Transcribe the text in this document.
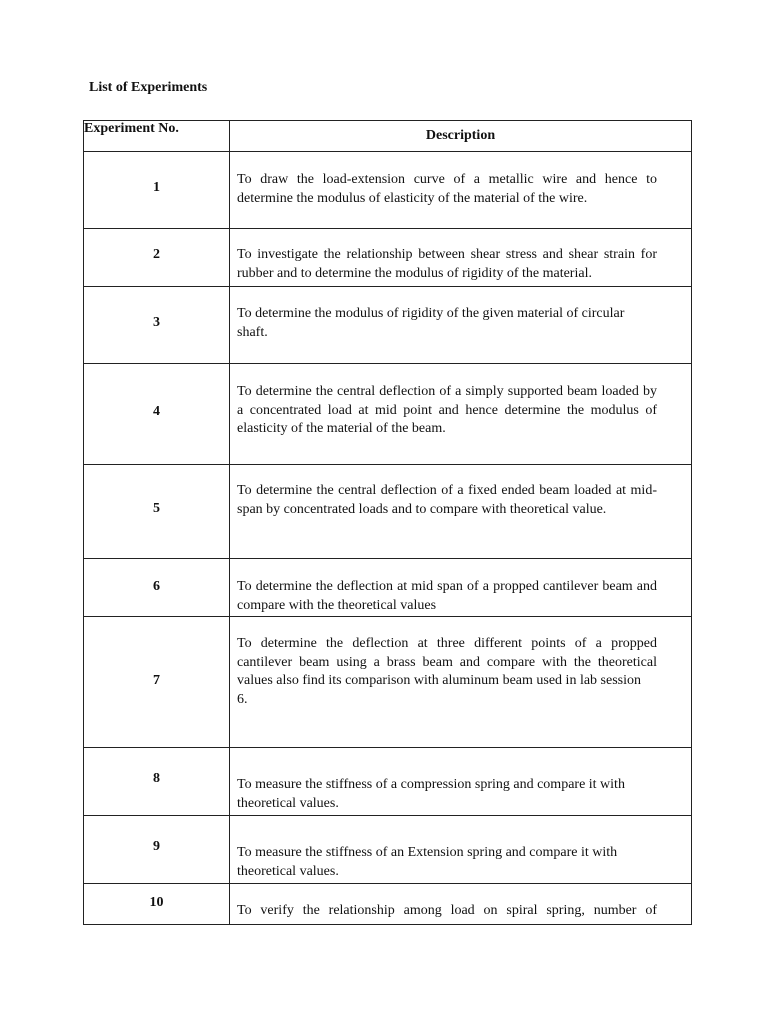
List of Experiments
Experiment No.	Description

1	To draw the load-extension curve of a metallic wire and hence to determine the modulus of elasticity of the material of the wire.

2	To investigate the relationship between shear stress and shear strain for rubber and to determine the modulus of rigidity of the material.

3	To determine the modulus of rigidity of the given material of circular shaft.

4	To determine the central deflection of a simply supported beam loaded by a concentrated load at mid point and hence determine the modulus of elasticity of the material of the beam.

5	To determine the central deflection of a fixed ended beam loaded at mid-span by concentrated loads and to compare with theoretical value.

6	To determine the deflection at mid span of a propped cantilever beam and compare with the theoretical values

7	To determine the deflection at three different points of a propped cantilever beam using a brass beam and compare with the theoretical values also find its comparison with aluminum beam used in lab session
6.

8	To measure the stiffness of a compression spring and compare it with theoretical values.

9	To measure the stiffness of an Extension spring and compare it with theoretical values.

10	To verify the relationship among load on spiral spring, number of
